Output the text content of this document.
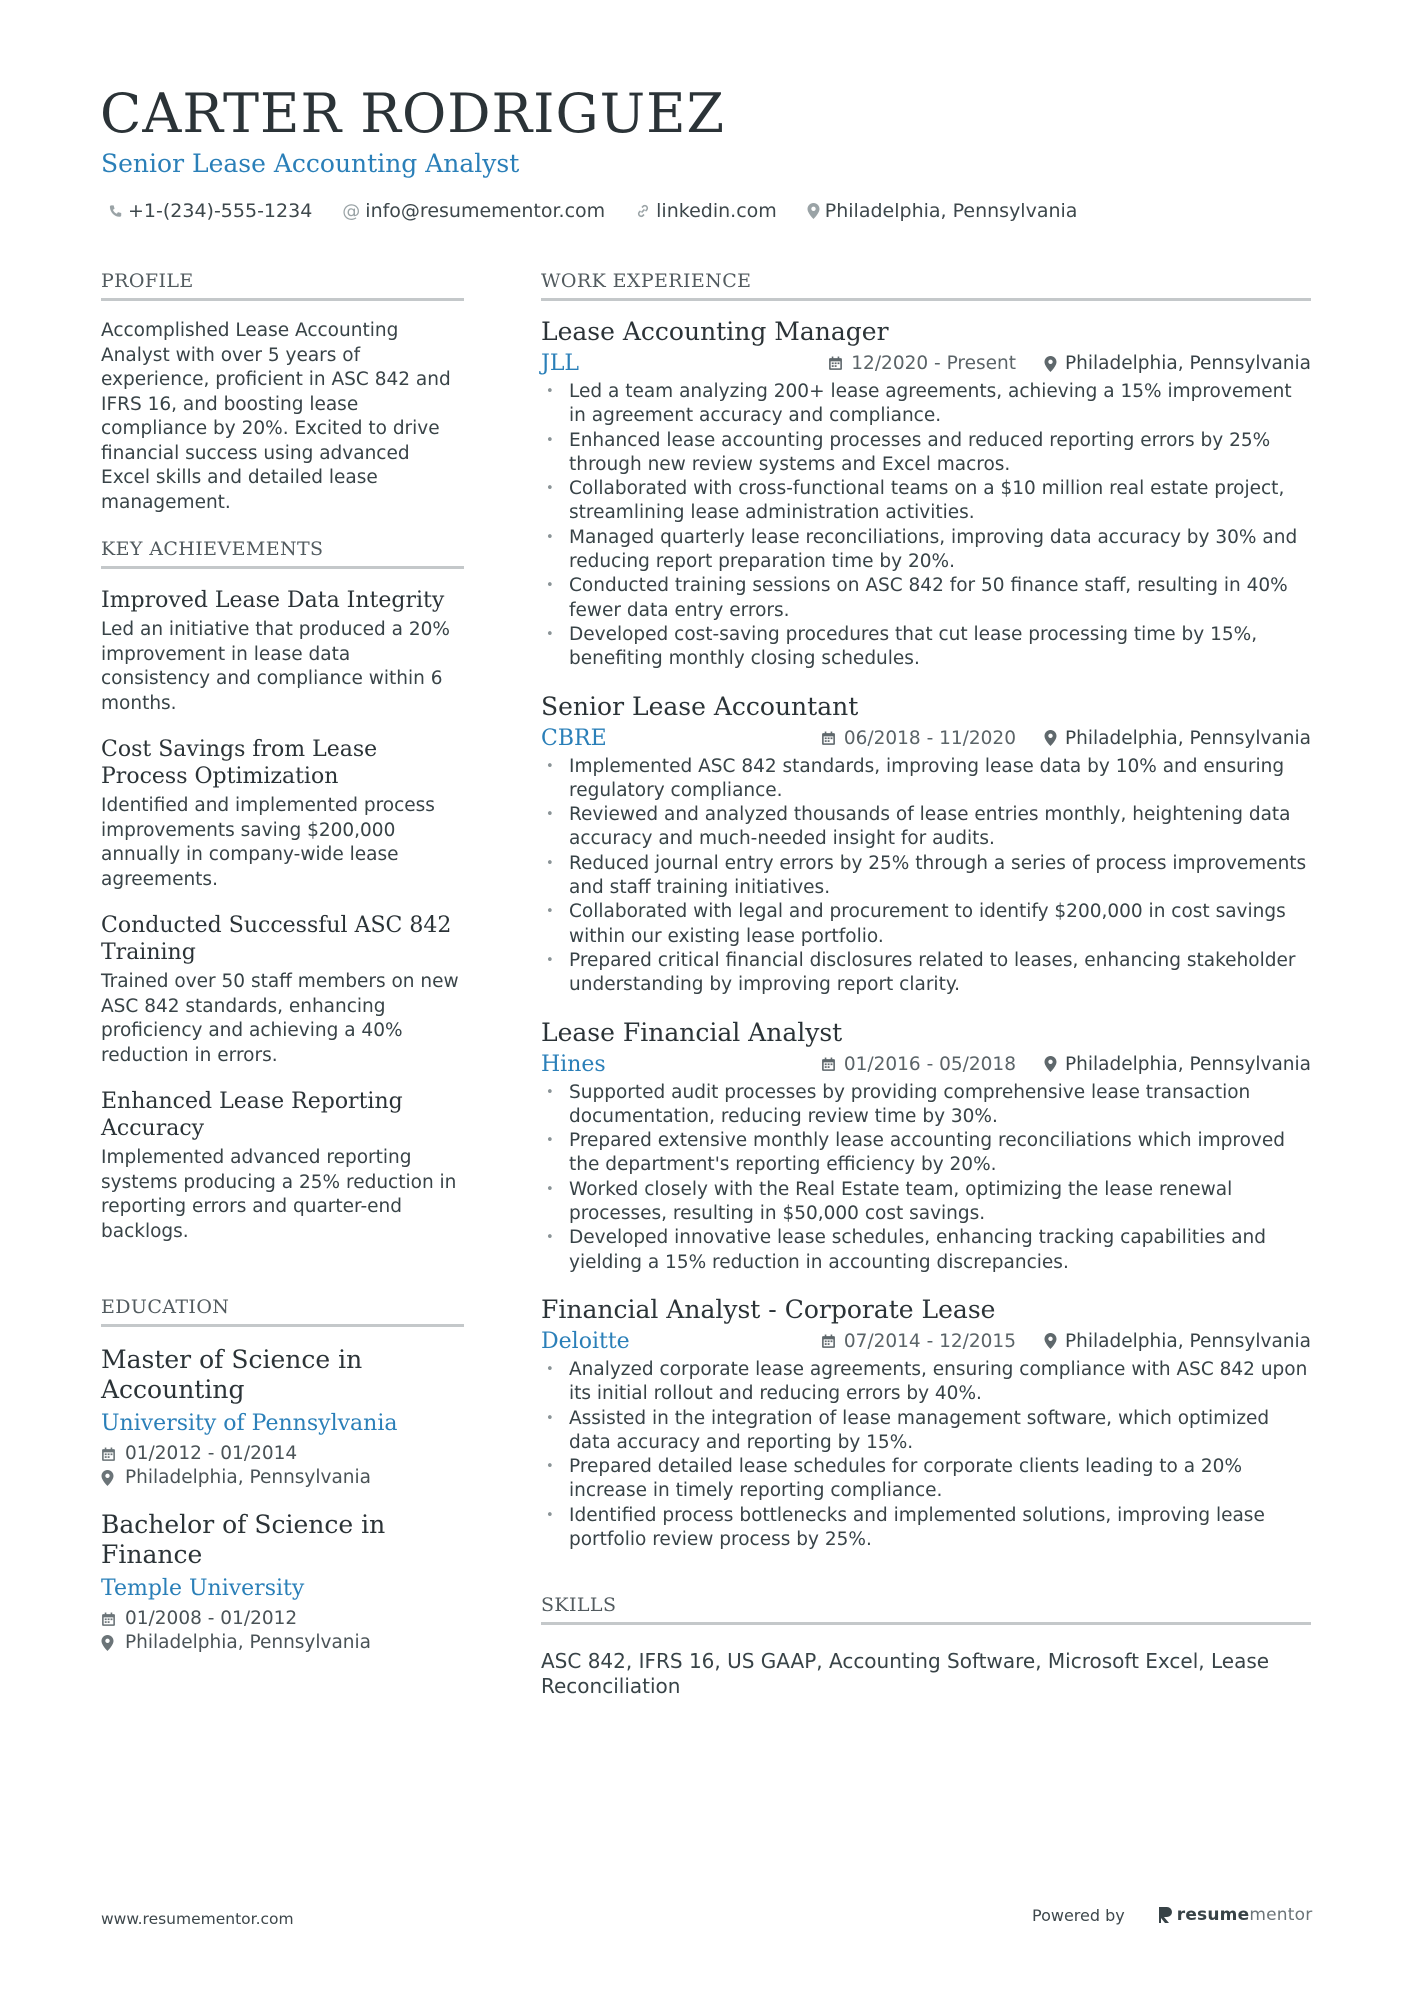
CARTER RODRIGUEZ
Senior Lease Accounting Analyst
+1-(234)-555-1234 @ info@resumementor.com	linkedin.com	Philadelphia, Pennsylvania
PROFILE
Accomplished Lease Accounting Analyst with over 5 years of experience, proficient in ASC 842 and IFRS 16, and boosting lease compliance by 20%. Excited to drive financial success using advanced Excel skills and detailed lease management.
KEY ACHIEVEMENTS
Improved Lease Data Integrity
Led an initiative that produced a 20% improvement in lease data consistency and compliance within 6 months.
Cost Savings from Lease Process Optimization
Identified and implemented process improvements saving $200,000 annually in company-wide lease agreements.
Conducted Successful ASC 842 Training
Trained over 50 staff members on new ASC 842 standards, enhancing proficiency and achieving a 40% reduction in errors.
Enhanced Lease Reporting Accuracy
Implemented advanced reporting systems producing a 25% reduction in reporting errors and quarter-end backlogs.
EDUCATION
Master of Science in Accounting
University of Pennsylvania
01/2012 - 01/2014
Philadelphia, Pennsylvania
Bachelor of Science in Finance
Temple University
01/2008 - 01/2012
Philadelphia, Pennsylvania
WORK EXPERIENCE
Lease Accounting Manager
JLL	12/2020 - Present	Philadelphia, Pennsylvania
• Led a team analyzing 200+ lease agreements, achieving a 15% improvement in agreement accuracy and compliance.
• Enhanced lease accounting processes and reduced reporting errors by 25% through new review systems and Excel macros.
• Collaborated with cross-functional teams on a $10 million real estate project, streamlining lease administration activities.
• Managed quarterly lease reconciliations, improving data accuracy by 30% and reducing report preparation time by 20%.
• Conducted training sessions on ASC 842 for 50 finance staff, resulting in 40% fewer data entry errors.
• Developed cost-saving procedures that cut lease processing time by 15%, benefiting monthly closing schedules.
Senior Lease Accountant
CBRE	06/2018 - 11/2020	Philadelphia, Pennsylvania
• Implemented ASC 842 standards, improving lease data by 10% and ensuring regulatory compliance.
• Reviewed and analyzed thousands of lease entries monthly, heightening data accuracy and much-needed insight for audits.
• Reduced journal entry errors by 25% through a series of process improvements and staff training initiatives.
• Collaborated with legal and procurement to identify $200,000 in cost savings within our existing lease portfolio.
• Prepared critical financial disclosures related to leases, enhancing stakeholder understanding by improving report clarity.
Lease Financial Analyst
Hines	01/2016 - 05/2018	Philadelphia, Pennsylvania
• Supported audit processes by providing comprehensive lease transaction documentation, reducing review time by 30%.
• Prepared extensive monthly lease accounting reconciliations which improved the department's reporting efficiency by 20%.
• Worked closely with the Real Estate team, optimizing the lease renewal processes, resulting in $50,000 cost savings.
• Developed innovative lease schedules, enhancing tracking capabilities and yielding a 15% reduction in accounting discrepancies.
Financial Analyst - Corporate Lease
Deloitte	07/2014 - 12/2015	Philadelphia, Pennsylvania
• Analyzed corporate lease agreements, ensuring compliance with ASC 842 upon its initial rollout and reducing errors by 40%.
• Assisted in the integration of lease management software, which optimized data accuracy and reporting by 15%.
• Prepared detailed lease schedules for corporate clients leading to a 20% increase in timely reporting compliance.
• Identified process bottlenecks and implemented solutions, improving lease portfolio review process by 25%.
SKILLS
ASC 842, IFRS 16, US GAAP, Accounting Software, Microsoft Excel, Lease Reconciliation
www.resumementor.com	Powered by	resume mentor
